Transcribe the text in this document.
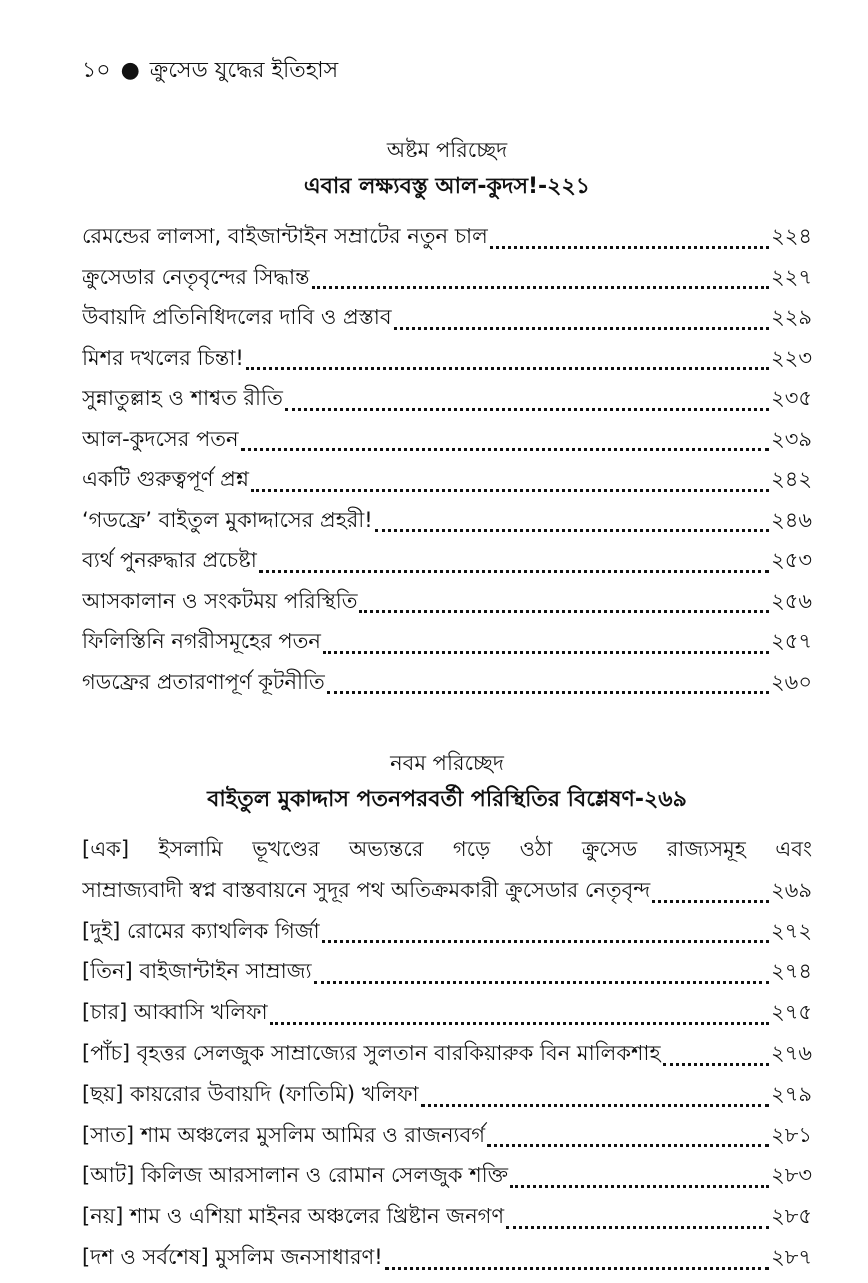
১০ ● ক্রুসেড যুদ্ধের ইতিহাস
অষ্টম পরিচ্ছেদ
এবার লক্ষ্যবস্তু আল-কুদস!-২২১
রেমন্ডের লালসা, বাইজান্টাইন সম্রাটের নতুন চাল	২২৪
ক্রুসেডার নেতৃবৃন্দের সিদ্ধান্ত	২২৭
উবায়দি প্রতিনিধিদলের দাবি ও প্রস্তাব	২২৯
মিশর দখলের চিন্তা!	২২৩
সুন্নাতুল্লাহ ও শাশ্বত রীতি	২৩৫
আল-কুদসের পতন	২৩৯
একটি গুরুত্বপূর্ণ প্রশ্ন	২৪২
‘গডফ্রে’ বাইতুল মুকাদ্দাসের প্রহরী!	২৪৬
ব্যর্থ পুনরুদ্ধার প্রচেষ্টা	২৫৩
আসকালান ও সংকটময় পরিস্থিতি	২৫৬
ফিলিস্তিনি নগরীসমূহের পতন	২৫৭
গডফ্রের প্রতারণাপূর্ণ কূটনীতি	২৬০
নবম পরিচ্ছেদ
বাইতুল মুকাদ্দাস পতনপরবর্তী পরিস্থিতির বিশ্লেষণ-২৬৯
[এক] ইসলামি ভূখণ্ডের অভ্যন্তরে গড়ে ওঠা ক্রুসেড রাজ্যসমূহ এবং
সাম্রাজ্যবাদী স্বপ্ন বাস্তবায়নে সুদূর পথ অতিক্রমকারী ক্রুসেডার নেতৃবৃন্দ	২৬৯
[দুই] রোমের ক্যাথলিক গির্জা	২৭২
[তিন] বাইজান্টাইন সাম্রাজ্য	২৭৪
[চার] আব্বাসি খলিফা	২৭৫
[পাঁচ] বৃহত্তর সেলজুক সাম্রাজ্যের সুলতান বারকিয়ারুক বিন মালিকশাহ	২৭৬
[ছয়] কায়রোর উবায়দি (ফাতিমি) খলিফা	২৭৯
[সাত] শাম অঞ্চলের মুসলিম আমির ও রাজন্যবর্গ	২৮১
[আট] কিলিজ আরসালান ও রোমান সেলজুক শক্তি	২৮৩
[নয়] শাম ও এশিয়া মাইনর অঞ্চলের খ্রিষ্টান জনগণ	২৮৫
[দশ ও সর্বশেষ] মুসলিম জনসাধারণ!	২৮৭
